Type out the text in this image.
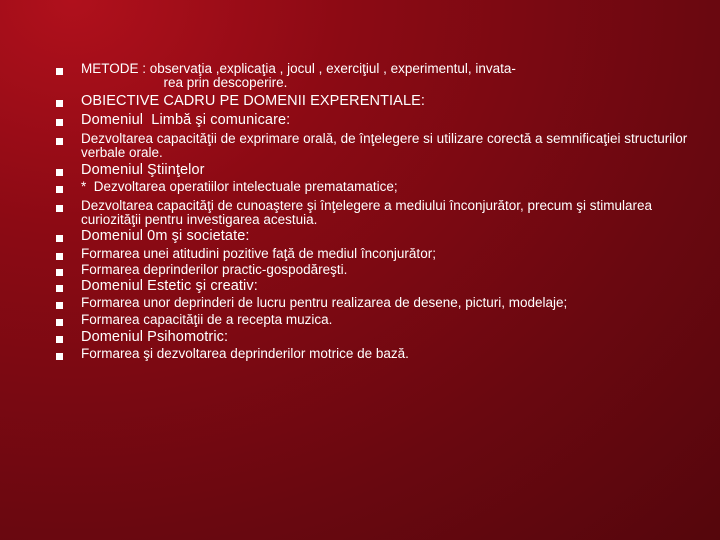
METODE : observaţia ,explicaţia , jocul , exerciţiul , experimentul, invata-
rea prin descoperire.
OBIECTIVE CADRU PE DOMENII EXPERENTIALE:
Domeniul  Limbă şi comunicare:
Dezvoltarea capacităţii de exprimare orală, de înţelegere si utilizare corectă a semnificaţiei structurilor verbale orale.
Domeniul Ştiinţelor
*  Dezvoltarea operatiilor intelectuale prematamatice;
Dezvoltarea capacităţi de cunoaştere şi înţelegere a mediului înconjurător, precum şi stimularea curiozităţii pentru investigarea acestuia.
Domeniul 0m şi societate:
Formarea unei atitudini pozitive faţă de mediul înconjurător;
Formarea deprinderilor practic-gospodăreşti.
Domeniul Estetic şi creativ:
Formarea unor deprinderi de lucru pentru realizarea de desene, picturi, modelaje;
Formarea capacităţii de a recepta muzica.
Domeniul Psihomotric:
Formarea şi dezvoltarea deprinderilor motrice de bază.
